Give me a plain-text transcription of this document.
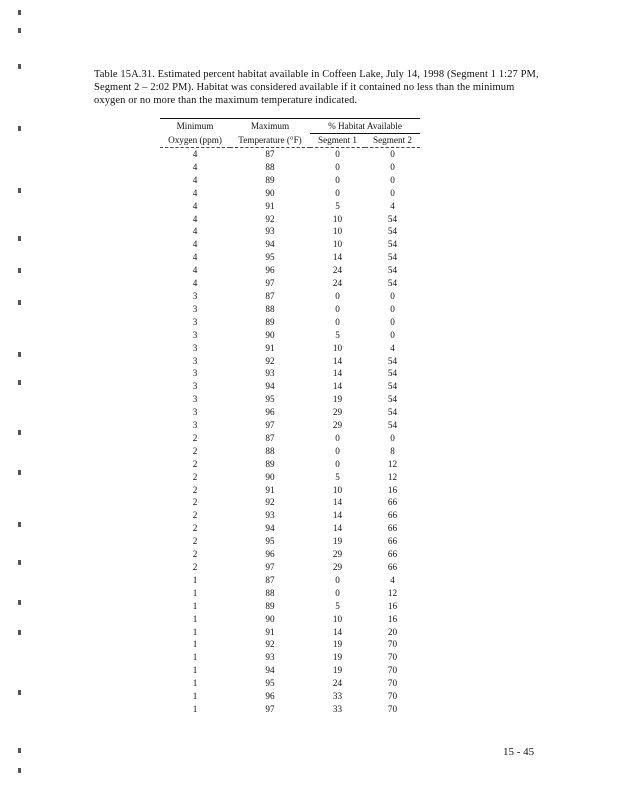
Table 15A.31. Estimated percent habitat available in Coffeen Lake, July 14, 1998 (Segment 1 1:27 PM, Segment 2 – 2:02 PM). Habitat was considered available if it contained no less than the minimum oxygen or no more than the maximum temperature indicated.
Minimum	Maximum	% Habitat Available	
Oxygen (ppm)	Temperature (°F)	Segment 1	Segment 2
4	87	0	0
4	88	0	0
4	89	0	0
4	90	0	0
4	91	5	4
4	92	10	54
4	93	10	54
4	94	10	54
4	95	14	54
4	96	24	54
4	97	24	54
3	87	0	0
3	88	0	0
3	89	0	0
3	90	5	0
3	91	10	4
3	92	14	54
3	93	14	54
3	94	14	54
3	95	19	54
3	96	29	54
3	97	29	54
2	87	0	0
2	88	0	8
2	89	0	12
2	90	5	12
2	91	10	16
2	92	14	66
2	93	14	66
2	94	14	66
2	95	19	66
2	96	29	66
2	97	29	66
1	87	0	4
1	88	0	12
1	89	5	16
1	90	10	16
1	91	14	20
1	92	19	70
1	93	19	70
1	94	19	70
1	95	24	70
1	96	33	70
1	97	33	70
15 - 45
